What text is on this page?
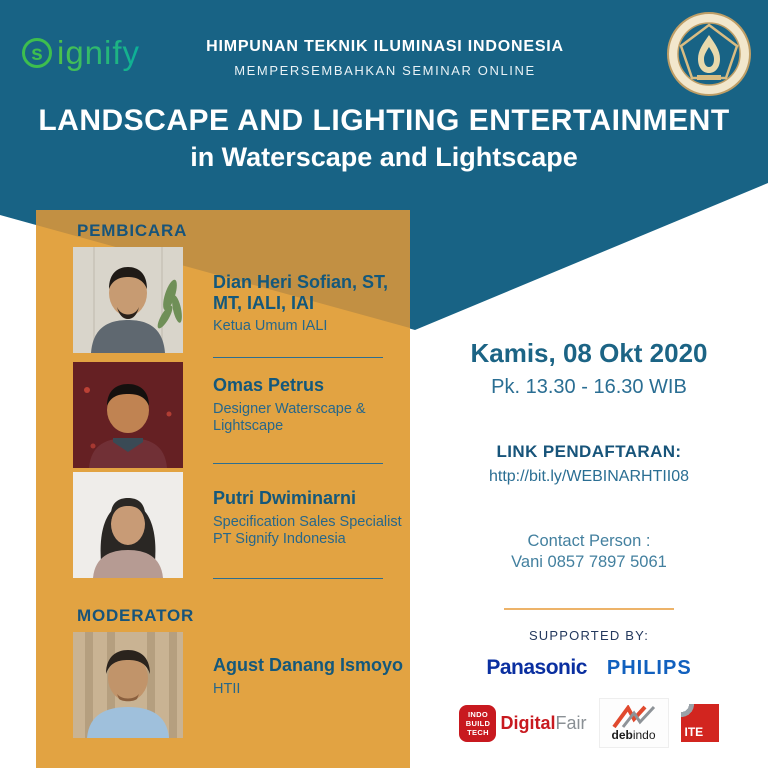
s ignify	HIMPUNAN TEKNIK ILUMINASI INDONESIA
MEMPERSEMBAHKAN SEMINAR ONLINE
LANDSCAPE AND LIGHTING ENTERTAINMENT
in Waterscape and Lightscape
PEMBICARA
Dian Heri Sofian, ST, MT, IALI, IAI
Ketua Umum IALI
Omas Petrus
Designer Waterscape & Lightscape
Putri Dwiminarni
Specification Sales Specialist PT Signify Indonesia
MODERATOR
Agust Danang Ismoyo
HTII
Kamis, 08 Okt 2020
Pk. 13.30 - 16.30 WIB
LINK PENDAFTARAN:
http://bit.ly/WEBINARHTII08
Contact Person :
Vani 0857 7897 5061
SUPPORTED BY:
Panasonic PHILIPS
INDO
BUILD
TECH DigitalFair
debindo ITE
